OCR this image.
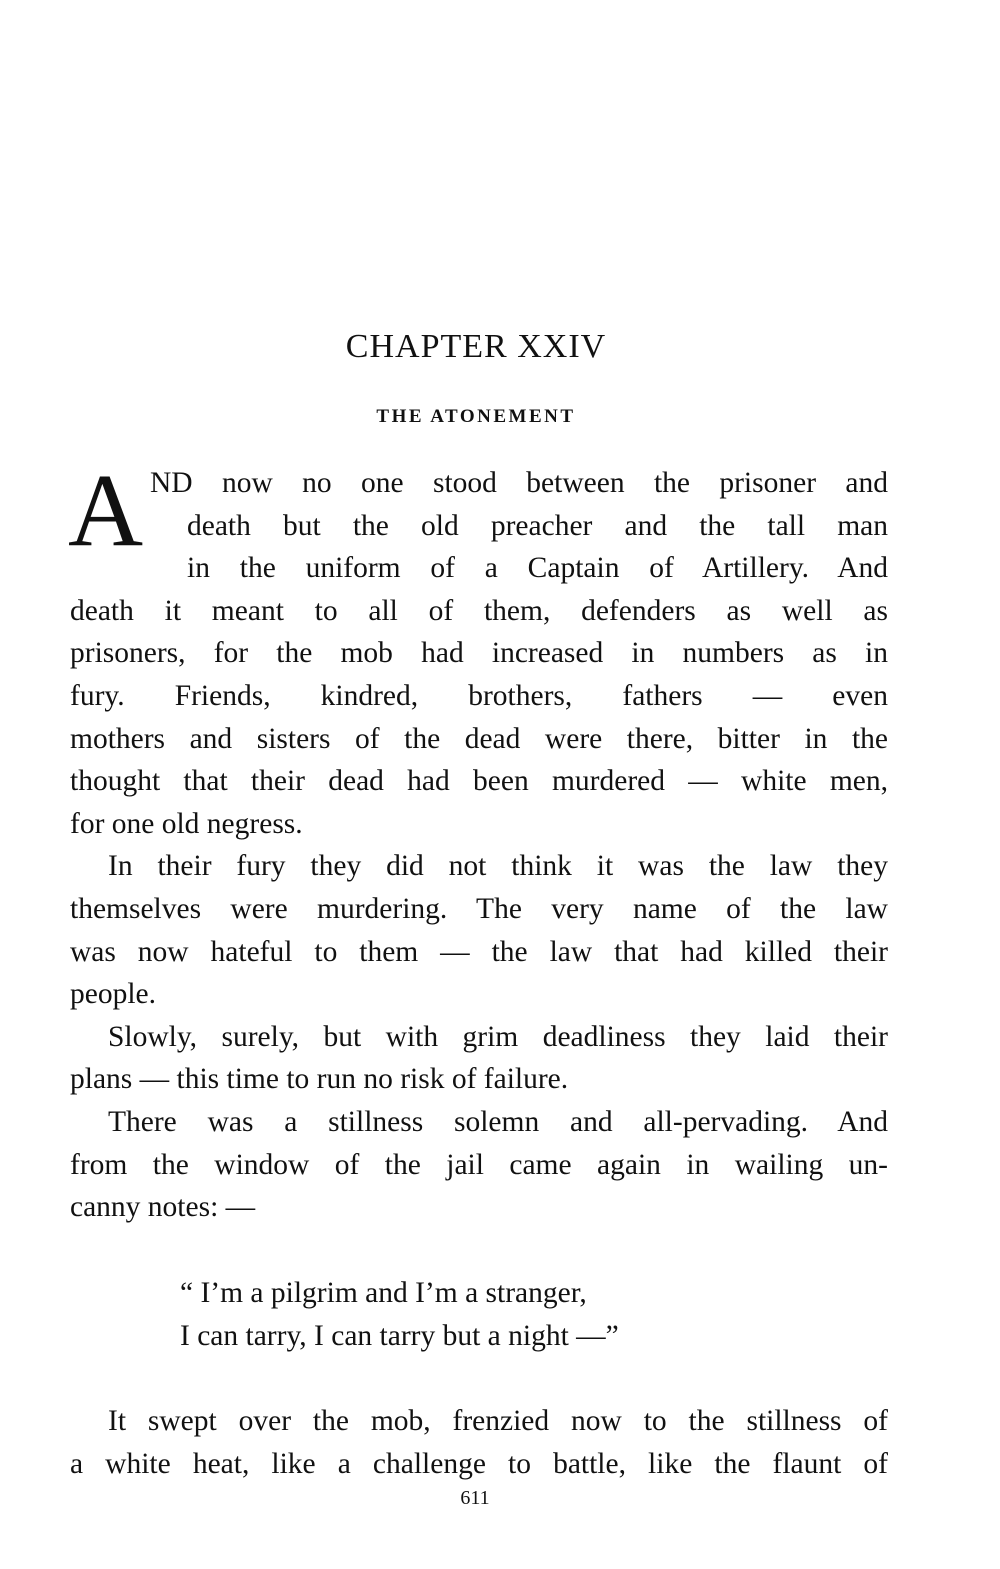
CHAPTER XXIV
THE ATONEMENT
A ND now no one stood between the prisoner and
death but the old preacher and the tall man
in the uniform of a Captain of Artillery. And
death it meant to all of them, defenders as well as
prisoners, for the mob had increased in numbers as in
fury. Friends, kindred, brothers, fathers — even
mothers and sisters of the dead were there, bitter in the
thought that their dead had been murdered — white men,
for one old negress.
In their fury they did not think it was the law they
themselves were murdering. The very name of the law
was now hateful to them — the law that had killed their
people.
Slowly, surely, but with grim deadliness they laid their
plans — this time to run no risk of failure.
There was a stillness solemn and all-pervading. And
from the window of the jail came again in wailing un-
canny notes: —
“ I’m a pilgrim and I’m a stranger,
I can tarry, I can tarry but a night —”
It swept over the mob, frenzied now to the stillness of
a white heat, like a challenge to battle, like the flaunt of
611
